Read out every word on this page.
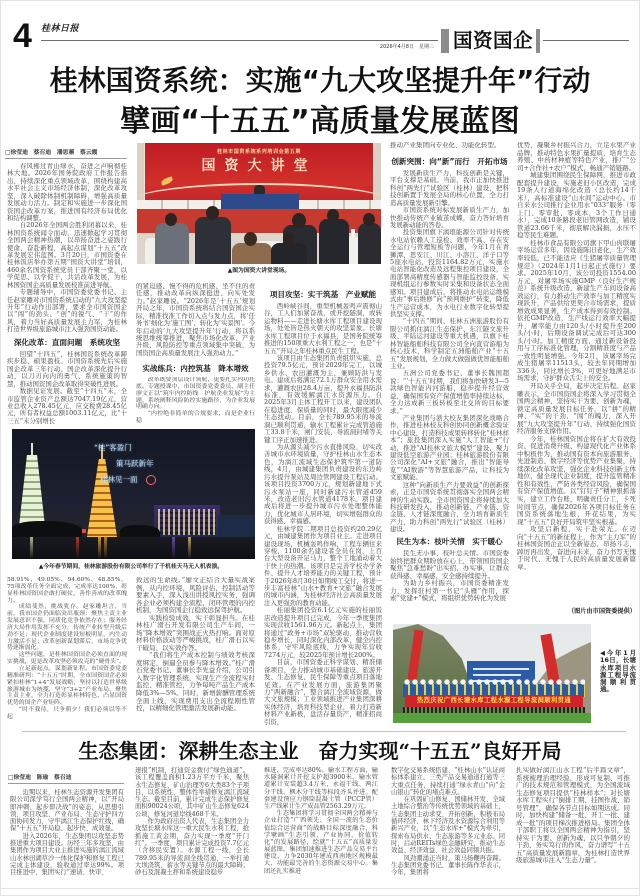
4 桂林日报
2026年4月8日　星期三 国资国企
桂林国资系统：实施“九大攻坚提升年”行动
擘画“十五五”高质量发展蓝图
□徐莹迪　蔡召迪　潘思蕙　蔡云霞

春风拂过青山绿水，奋进之声响彻桂林大地。2026年国务院政府工作报告指出，持续深化重点领域改革，围绕构建高水平社会主义市场经济体制，深化改革攻坚，深入破除体制机制障碍，增强高质量发展动力活力。制定和实施进一步深化国资国企改革方案，推进国有经济布局优化和结构调整。

自2026年全国两会胜利闭幕以来，桂林国资系统闻令而动，迅速掀起学习贯彻全国两会精神热潮，以昂扬奋进之姿践行使命、奋赴新程，高起点谋划“十五五”改革发展宏伟蓝图。3月20日，市国资委在桂林饭店举办第五期“国资大讲堂”培训，460余名国资系统党员干部齐聚一堂，以学促思、以学促干，共话改革发展，为桂林国资国企高质量发展校准前进导航。

专题辅导中，市国资委党委书记、主任赵家雕对市国资系统启动的“九大攻坚提升年”行动作出部署，要求全市国资国企以“闯”的劲头、“创”的锐气、“干”的作风，着力当好高质量发展主力军，为桂林打造世界级旅游城市注入强劲国资动能。

深化改革：直面问题　系统攻坚

回望“十四五”，桂林国资系统改革蹄疾步稳、硕果盈枝。市国资系统先后实施国企改革三年行动、国企改革深化提升行动，以刀刃向内的勇气、系统施策的智慧，推动国资国企改革取得突破性进展。

数据见证发展。截至“十四五”末，全市监管企业资产总额达7047.19亿元，营业总收入278.45亿元，应交税费28.45亿元，所有者权益总额1003.11亿元，比“十三五”末分别增长

58.91%、49.05%、94.60%、48.85%，75项改革任务全面完成，完成率达100%，彰显桂林国资国企敢打硬仗、善作善成的改革魄力。

成绩斐然，挑战犹存。赵家雕坦言，当前，我市国企仍面临突出瓶颈：聚焦主责主业发展意识不强，同质化竞争依然存在；服务经济大局作用发挥不充分，传统产业转型升级后劲不足；现代企业制度建设短板明显，内生动力激活不足；改革创新谋划滞后，市场竞争优势逐渐弱化。

这些问题，是桂林国资国企必须直面的现实挑战，更是改革攻坚必须攻克的“硬骨头”。

立足新起点，谋划新征程。市国资委党委精准研判：“十五五”时期，全市国资国企必须紧扣桂林“1+4”发展战略，坚持以打造世界级旅游城市为统揽，坚守“3+2”产业布局，聚焦主责主业，全力打造彰显桂林特色、凸显国资优势的国企产业矩阵。

“时不我待，只争朝夕！我们必须以等不起

的紧迫感、慢不得的危机感、坐不住的责任感，推动改革向纵深挺进、向实处发力。”赵家雕说。“2026年是‘十五五’规划开局之年，市国资系统将结合国资国企实际，精准找准工作切入点与发力点，将‘任务书’细化为‘施工图’、转化为‘实景图’。今年启动的‘九大攻坚提升年’行动，将以系统思维统筹推进，聚焦市场化改革、产业升级、风险防控等重点领域集中突破，为国资国企高质量发展注入强劲动力。”

实战练兵：内控筑基　降本增效

改革既要顶层设计领航，更要扎实内功托底。专题授课中，市国资委党委委员、副主任廖文正以“筑牢内控防线　护航企业发展”为主题，系统阐释风险防控实施路径，为企业发展明确方向。

“内控绝非简单的合规要求，而是企业行稳

致远的生命线。”廖文正结合大量实战案例，从内控环境、风险评估、控制活动等要素入手，深入浅出讲授风控实务，强调各企业必须构建全流程、闭环管理的内控机制，为国资国企行稳致远保驾护航。

实践检验成效，实干彰显担当。在桂林桂广滑石开发有限公司生产车间，一场“降本增效”突围战正火热打响。面对原材料价格波动等严峻挑战，桂广滑石以实干破局、以实效作答。

“我们将生产成本控制与绩效考核深度绑定，倒逼全员参与降本增效。”桂广滑石党委书记、董事长李先益介绍，公司引入数字化管理系统，实现生产全流程实时监控、精准管控，力争每吨产品生产成本降低3%—5%。同时，新增薪酬管理系统全面上线，实现费用支出全流程刚性管控，以精细化管理激活发展新动能。

项目攻坚：实干筑基　产业赋能

西岭峡谷间，重型机械轰鸣声震彻山谷，工人们加紧奋战，或开挖隧洞，或转运物料——走进长塘水库工程项目建设现场，处处皆是热火朝天的攻坚景象。长塘水库工程项目位于永福县，是国务院统筹推进的150项重大水利工程之一，也是“十五五”开局之年桂林重点民生工程。

该项目由生态集团负责组织实施，总投资79.5亿元，预计2029年完工，以城乡供水、农田灌溉为主，兼顾防洪与发电。建成后将满足72.1万群众安全用水需求，灌溉农田28.4万亩，提升永福县防洪标准，有效缓解漓江水资源压力。自2025年3月主体工程开工以来，建设团队在稳进度、保质量的同时，最大限度减少生态扰动。目前，全长789.95米的导流洞已顺利贯通，输水工程累计完成管道施工33.8千米，闸门安装、导流洞封堵等关键工序正加速推进。

为从源头减少污水直排风险，切实改善城市水环境质量，守护桂林山水生态本色，为漓江流域生态保护筑牢第一道防线，4月，由城建集团负责建设的东边岭污水提升泵站及周边管网建设工程启动。该项目投资3700万元，规划新建地下式污水泵站一座，同时新建污水管道459米，改造老旧污水管道4178米。项目建成后将进一步提升城市污水处理整体能力，优化城市人居环境，切实增强群众的获得感、幸福感。

桂林学院二期项目总投资约20.29亿元，由城建集团作为项目业主。走进项目建设现场，机械轰鸣作响，工程车辆往来穿梭，1100余名建设者全员在岗，上百台大型设备开足马力，整个工地涌动着大干快上的热潮。该项目是完善学校办学条件、提升人才培养能力的关键工程，预计于2026年8月30日如期竣工交付，将进一步丰富桂林“山水+教育+文旅”融合发展的城市内涵，为桂林经济社会高质量发展注入更强劲的教育动能。

桂丽集团投资6.1亿元实施的桂丽饭店改造提升项目已完成，今年一季度集团实现营收1561.96万元。新起点上，集团将通过“政务+市场”双轮驱动，推动营收稳步增长，同时深化内部改革，健全内控体系，守牢风险底线，力争实现年营收7274万元，较2025年预计增长200%。

目前，市国资委正科学谋划、精准储备项目，全力推动城市基础建设、旅游开发、生态修复、民生保障等重点项目落地见效。在产业发展方面，旅游集团聚力“两新融合”，整合漓江全流域资源，做大文旅规模；工业领域推进产业集团深耕实体经济，培育科技型企业，着力打造新材料产业新极，盘活存量资产，精准招商引资，

推动产业集团向专业化、功能化转型。

创新突围：向“新”而行　开拓市场

发展新质生产力，科技创新是关键，平台支撑是基础。当前，我市正加快推进科创“两先行”试验区（桂林）建设，把科技创新置于发展全局的核心位置，全力打造高质量发展新引擎。

市国资系统对标发展新质生产力，加快推动传统产业破茧成蝶，奋力答好培育发展新动能的答卷。

投资集团旗下漓琅能源公司针对传统水电站依赖人工巡检、效率不高、存在安全运行与管理短板等问题，今年1月在青狮潭、思安江、川江、小溶江、洋子口等5座水电站，投资1164.82万元，实施水电站智能化改造及远程集控项目建设，全面部署高精度传感器与智能监控设备，实现机组运行参数实时采集和设备状态全面感知。项目建成后，将推动水电站运维模式由“事后维修”向“预判维护”转变，降低生产运营成本，为水电行业数字化转型提供坚实支撑。

“十四五”期间，桂林五洲旅游股份有限公司抓住漓江生态保护、东江隧文旅升级、平陆运河建设等重大机遇，以旗下桂林智能船舶科技有限公司全向直营游船为核心技术，科学制定五洲船舶产业“十五五”发展规划，全力做大做强做优智能船舶主业。

五洲公司党委书记、董事长魏国超说：“‘十五五’时期，我们将加快研发3—5款绿色智能内河游船，稳步提升经营效益，确保国有资产保值增值率持续达标，全力达成新三板转板至北交所的目标要求。”

产业集团与浙大校友集团深化战略合作，推进桂林校友科创协同创新概念验证中心建设，打造科技成果转移转化“桂林样本”；旅投集团深入实施“人工智能+”行动，推进“AI桂林文旅大模型”建设，聚力建设低空旅游产业园；桂林旅游股份有限公司深化“AI+文旅”融合，推出“智能导览”“AI数游”等智慧旅游产品，让科技为文旅赋能。

这种“向新质生产力要效益”的创新探索，正是市国资系统贯彻落实全国两会精神的生动实践。全市国资国企将持续加大科技研发投入，推动创新链、产业链、资金链、人才链深度融合，全力培育新质生产力，助力科创“两先行”试验区（桂林）建设。

民生为本：枝叶关情　实干暖心

民生无小事，枝叶总关情。市国资委始终把群众期盼放在心上，带领国资国企聚焦“急难愁盼”出实招、办实事，让群众获得感、幸福感、安全感持续提升。

为助力乡村振兴，市国资委精准发力，发挥驻村第一书记“头雁”作用，探索“党建+”模式，将组织优势转化为发展

优势，凝聚乡村振兴合力，立足水果产业品牌，推动特色水果扩量提质，培育生态养殖、中药材种植等特色产业，推广“公司+合作社+农户”模式，畅通产销链路。

城建集团围绕民生保障网，推进市政配套提升建设，实施老旧小区改造，完成19条人行道海绵化改造（总长约14千米），高标准建设“山水间”运动中心。市自来水公司推行企业用水“033”服务（零上门、零审批、零成本，3个工作日通水），完成10条路段老旧管网改造，铺设管道23.66千米，彻底解决漏损、水压不稳等民生难题。

桂林市食品有限公司旗下甲山肉联屠宰场运营多年，因设施陈旧老化，生产效率较低，已不能适应《生猪屠宰质量管理规范》（2024年1月1日起正式施行）要求。2025年10月，该公司投资1554.00万元，对屠宰场实施GMP（良好生产规范）系统升级改造，新建生产车间设备高效运行，有力推动生产效率与加工精度实现跃升，产品供给更契合市场需求，提质增效成果显著，生产成本得到有效控制。依托GMP改造，生产线运行效率大幅提升，屠宰能力由120头/小时提升至200头/小时，后期设备调试完成后可达300头/小时。加工精度方面，通过新设备投用与工序标准化管理，分割精准度与产品一致性明显增强。今年2月，该屠宰场完成生猪屠宰11513头，较去年同期增加336头，同比增长3%，可更好地满足市场需求，守护群众舌尖上的安全。

开局关乎全局，起步决定后程。赵家雕表示，全市国资国企将深入学习贯彻全国两会精神，坚持实干为要、创新为魂，锁定高质量发展目标任务，以“拼”的精神、“实”的干劲、“闯”的魄力，深入开展“九大攻坚提升年”行动，持续强化国资经济服务支撑作用。

今年，桂林国资国企将在扩大有效投资、促进消费升级、构建现代化产业体系中积极作为，推动国有资本向旅游服务、先进制造、数字经济等优势产业集聚，持续深化改革攻坚，强化企业科技创新主体地位，健全现代企业制度，提升监管精准性和有效性，严防各类经营风险，确保国有资产保值增值。以“钉钉子”精神狠抓落实，建立工作台账，明确责任分工，卡死时间节点，确保2026年各项目标任务在国资系统落地生根、开花结果，为实现“十五五”良好开局筑牢坚实根基。

攻坚启新程，实干赴荣光。在迈向“十五五”的新征程上，作为“主力军”的桂林国资国企正以全新姿态、昂扬斗志，踔厉再出发，奋进向未来，奋力书写无愧于时代、无愧于人民的高质量发展新篇章。

（图片由市国资委提供）
桂林市国资系统系列培训会第五期
国资大讲堂
▲图为国资大讲堂现场。
“桂”客盈门
策马跃新年
桂林见一面
▲今年春节期间，桂林旅游股份有限公司举行了千机桂天马无人机表演。
热烈庆祝广西长塘水库工程水源工程导流洞顺利贯通
◀今年1月16日，长塘水库项目水源工程导流洞顺利贯通。
生态集团：深耕生态主业　奋力实现“十五五”良好开局
□徐莹迪　陈瑜　蔡召迪

近期以来，桂林生态资源开发集团有限公司深学笃行全国两会精神，以“开局即冲刺、起步即决战”的姿态，从思想引领、项目攻坚、产业布局、生态守护四方面协同发力，守牢漓江生态保护红线，确保“十五五”开局稳、起步快、成效显。

进入2026年，生态集团以攻坚态势推进重大项目建设。历经三年多攻坚，由集团作为项目大业主推进实施的漓江流域山水林田湖草沙一体化保护和修复工程已完成主体建设，验收通过率达99%。项目推进中，集团实行“速请、快审、

速报”机制，打通资金拨付“绿色通道”。该工程覆盖面积1.23万平方千米，聚焦水生态修复、矿山治理等6大类83个子项目，以系统性、整体性举措修复漓江流域生态。截至目前，累计完成生态保护修复面积90024公顷，其中矿山生态修复624公顷，修复河道岸线468千米。

作为政府出资人代表，生态集团全力攻坚长塘水库这一重大民生水利工程，抢抓施工黄金期，奋力实现一季度“开门红”。一季度，项目累计完成投资7.7亿元（含移民安置）。水源工程一线，全长789.95米的导流洞全线贯通，一举打通大坝浇筑、蓄水等关键节点的最大障碍；砂石及混凝土拌和系统建设稳步

推进，完成率达80%。输水工程方面，输水隧洞累计开挖支护超3900米，输水管道累计安装超3.4万米，永福干线、两江分干线、枫木分干线等标段齐头并进。配套建设预应力钢筒混凝土管（PCCP管）生产线累计生产成品管2563.29万元。

生态集团将学习贯彻全国两会精神与企业打造“广西领先、全国一流的生态价值综合运营商”的战略目标深度融合，科学擘画“生态引领、产业协同、价值转化”的发展路径，绘就“十五五”高质量发展蓝图。集团加速推进生态产品交易平台建设，力争2030年建成西南地区规模最大、功能最完善的生态资源交易中心。集团还扎实推进

数字化交易系统搭建、“桂林山水”认证商标体系建立、三类产品交易通道打通等三大重点任务，持续打通“绿水青山”向“金山银山”转化的堵点难点。

在巩固矿山修复、国储林开发、全域土地综合整治等传统优势领域的基础上，生态集团主动求变、开拓创新，积极布局循环经济、林下经济及水资源综合利用等新兴产业，以“生态水库+”模式为牵引，探索布局供水、生态旅游等多元业态。同时，启动REITs绿色金融研究，推动生态效益、经济效益、社会效益同频共振。

风劲潮涌正当时，策马扬鞭再奋蹄。生态集团党委书记、董事长陈作华表示，今年，集团将

扎实做好漓江山水工程“后半篇文章”，系统梳理治理经验，形成可复制、可推广的技术规范和管理模式，为全国流域生态修复项目提供“桂林样本”；对长塘水库工程实行“倒排工期、挂图作战、销号管理”，确保各节点目标如期达成。同时，加快构建“储备一批、开工一批、建成一批”的项目梯次推进格局。集团全体干部职工将以全国两会精神为指引，坚持实干为要、创新为魂，以只争朝夕的干劲、务实笃行的作风，奋力谱写“十五五”高质量发展新篇章，为桂林打造世界级旅游城市注入“生态力量”。
